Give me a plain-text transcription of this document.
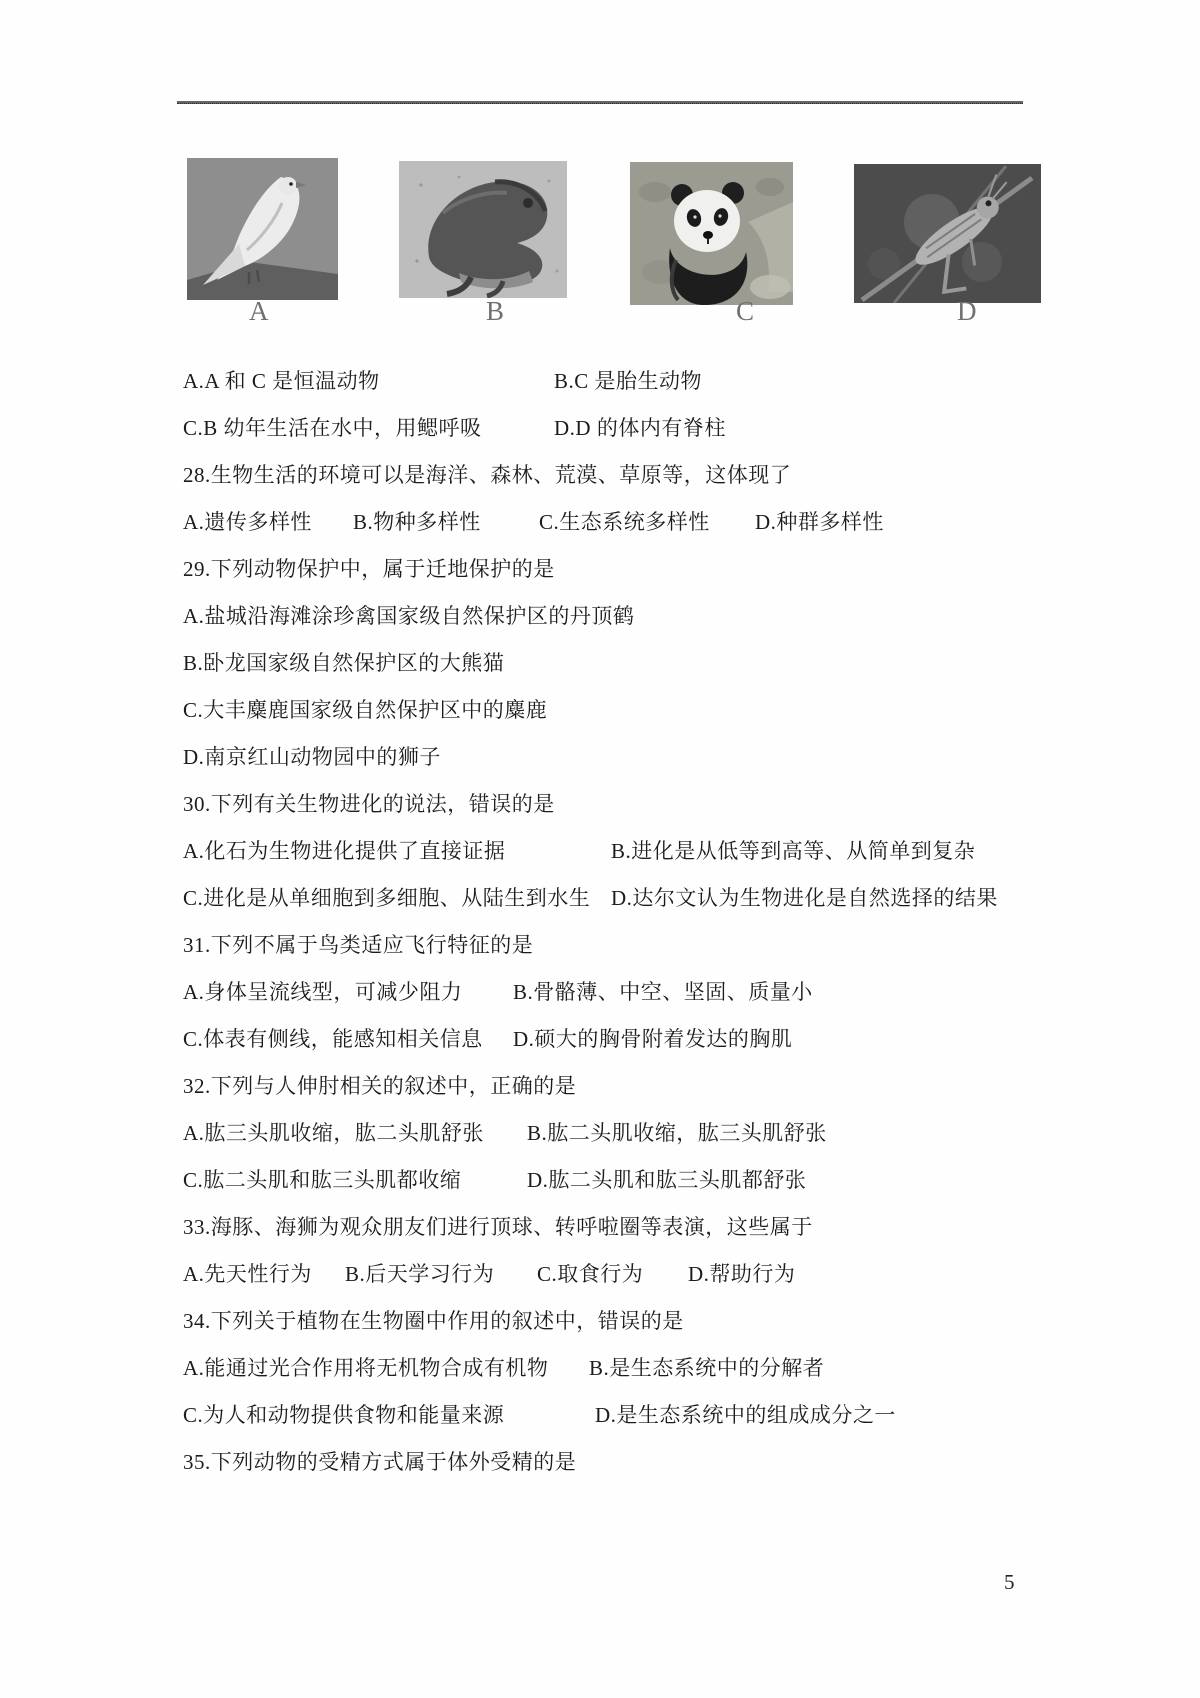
A	B	C	D
A.A 和 C 是恒温动物	B.C 是胎生动物
C.B 幼年生活在水中，用鳃呼吸	D.D 的体内有脊柱
28.生物生活的环境可以是海洋、森林、荒漠、草原等，这体现了
A.遗传多样性 B.物种多样性	C.生态系统多样性 D.种群多样性
29.下列动物保护中，属于迁地保护的是
A.盐城沿海滩涂珍禽国家级自然保护区的丹顶鹤
B.卧龙国家级自然保护区的大熊猫
C.大丰麋鹿国家级自然保护区中的麋鹿
D.南京红山动物园中的狮子
30.下列有关生物进化的说法，错误的是
A.化石为生物进化提供了直接证据	B.进化是从低等到高等、从简单到复杂
C.进化是从单细胞到多细胞、从陆生到水生 D.达尔文认为生物进化是自然选择的结果
31.下列不属于鸟类适应飞行特征的是
A.身体呈流线型，可减少阻力 B.骨骼薄、中空、坚固、质量小
C.体表有侧线，能感知相关信息 D.硕大的胸骨附着发达的胸肌
32.下列与人伸肘相关的叙述中，正确的是
A.肱三头肌收缩，肱二头肌舒张 B.肱二头肌收缩，肱三头肌舒张
C.肱二头肌和肱三头肌都收缩	D.肱二头肌和肱三头肌都舒张
33.海豚、海狮为观众朋友们进行顶球、转呼啦圈等表演，这些属于
A.先天性行为 B.后天学习行为 C.取食行为 D.帮助行为
34.下列关于植物在生物圈中作用的叙述中，错误的是
A.能通过光合作用将无机物合成有机物 B.是生态系统中的分解者
C.为人和动物提供食物和能量来源	D.是生态系统中的组成成分之一
35.下列动物的受精方式属于体外受精的是
5
